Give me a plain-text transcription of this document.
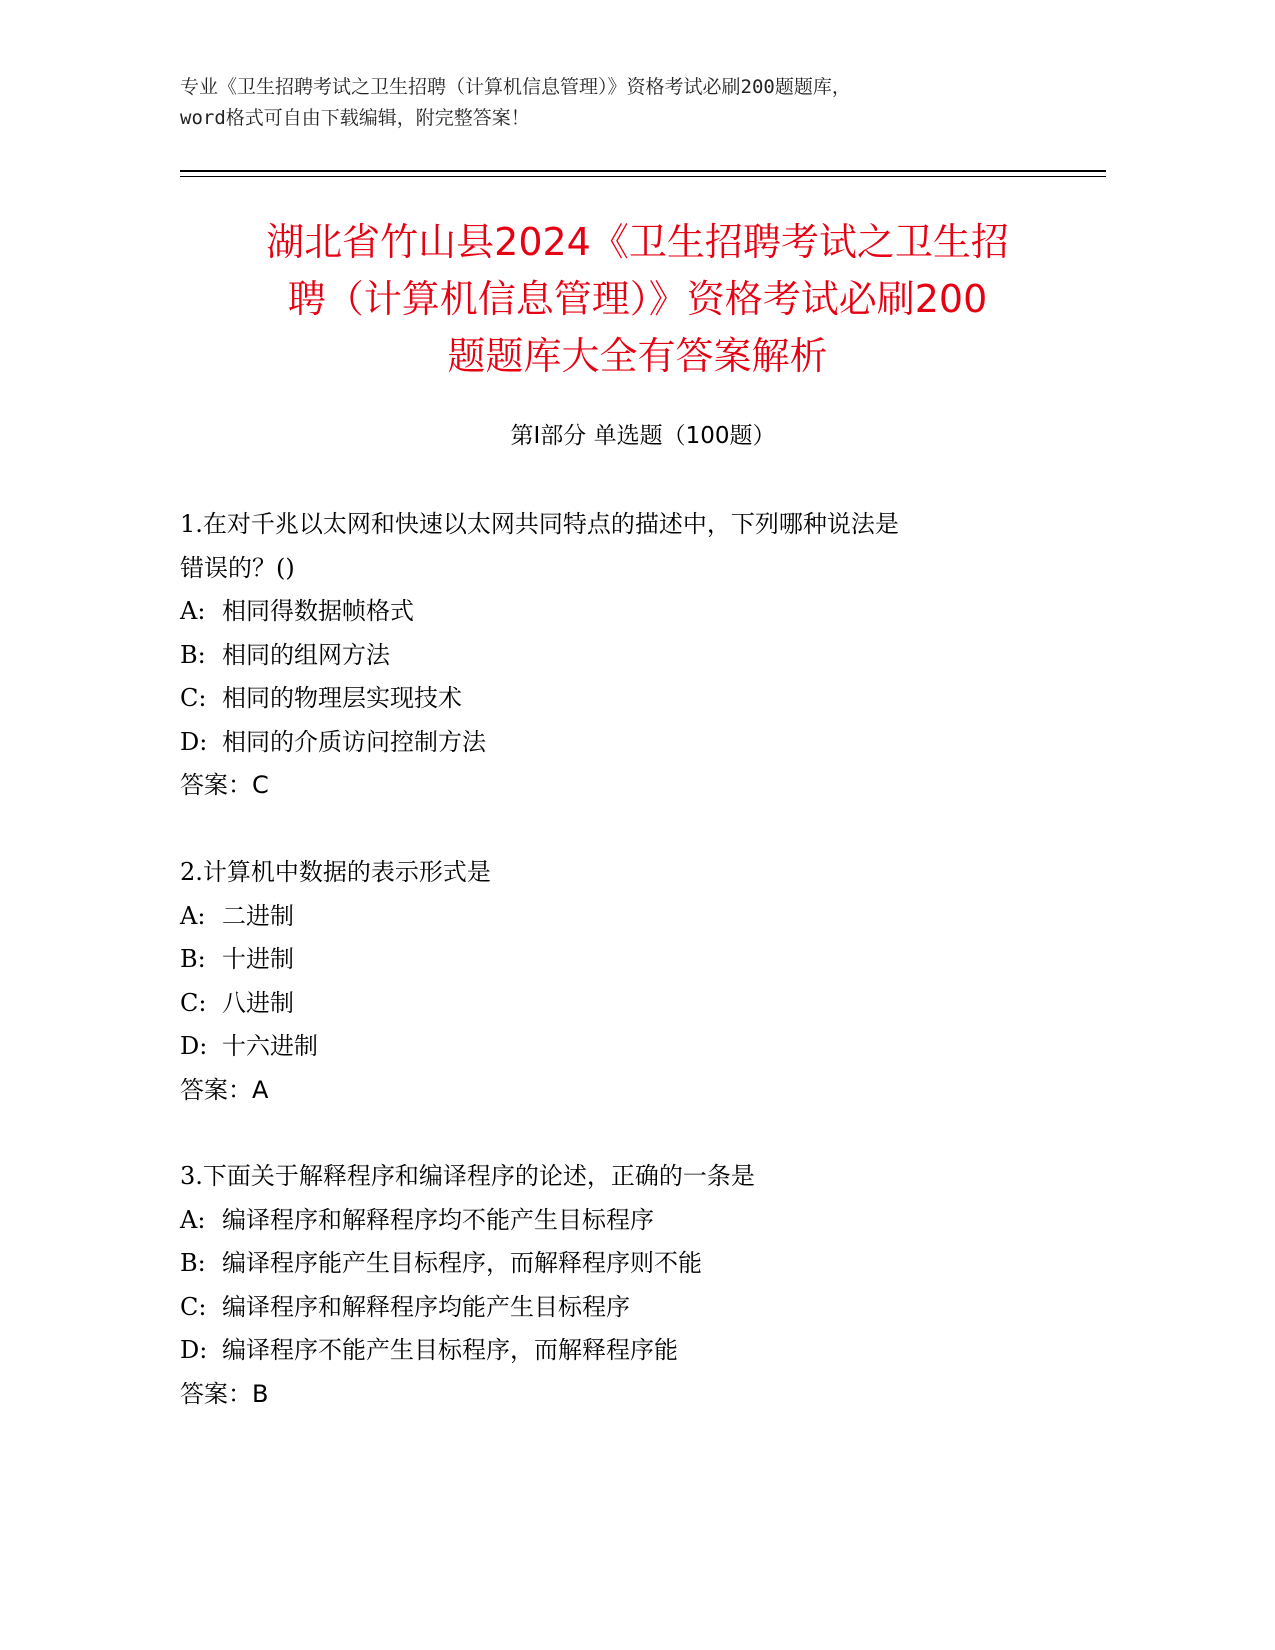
专业《卫生招聘考试之卫生招聘（计算机信息管理）》资格考试必刷200题题库，
word格式可自由下载编辑，附完整答案！
湖北省竹山县2024《卫生招聘考试之卫生招
聘（计算机信息管理）》资格考试必刷200
题题库大全有答案解析
第Ⅰ部分 单选题（100题）
1.在对千兆以太网和快速以太网共同特点的描述中，下列哪种说法是
错误的？()
A: 相同得数据帧格式
B: 相同的组网方法
C: 相同的物理层实现技术
D: 相同的介质访问控制方法
答案：C
2.计算机中数据的表示形式是
A: 二进制
B: 十进制
C: 八进制
D: 十六进制
答案：A
3.下面关于解释程序和编译程序的论述，正确的一条是
A: 编译程序和解释程序均不能产生目标程序
B: 编译程序能产生目标程序，而解释程序则不能
C: 编译程序和解释程序均能产生目标程序
D: 编译程序不能产生目标程序，而解释程序能
答案：B
